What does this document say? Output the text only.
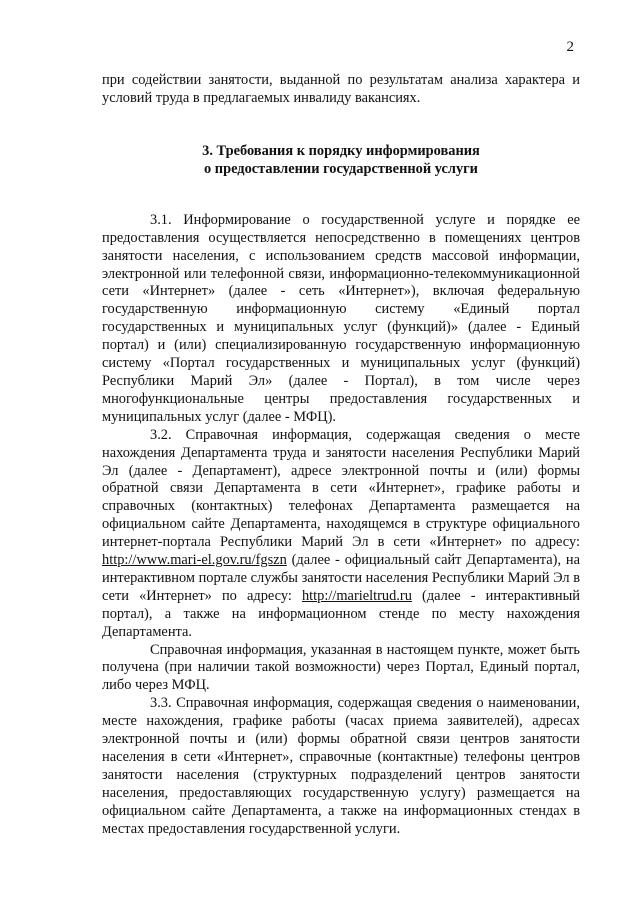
2

при содействии занятости, выданной по результатам анализа характера и условий труда в предлагаемых инвалиду вакансиях.

3. Требования к порядку информирования
о предоставлении государственной услуги

3.1. Информирование о государственной услуге и порядке ее предоставления осуществляется непосредственно в помещениях центров занятости населения, с использованием средств массовой информации, электронной или телефонной связи, информационно-телекоммуникационной сети «Интернет» (далее - сеть «Интернет»), включая федеральную государственную информационную систему «Единый портал государственных и муниципальных услуг (функций)» (далее - Единый портал) и (или) специализированную государственную информационную систему «Портал государственных и муниципальных услуг (функций) Республики Марий Эл» (далее - Портал), в том числе через многофункциональные центры предоставления государственных и муниципальных услуг (далее - МФЦ).

3.2. Справочная информация, содержащая сведения о месте нахождения Департамента труда и занятости населения Республики Марий Эл (далее - Департамент), адресе электронной почты и (или) формы обратной связи Департамента в сети «Интернет», графике работы и справочных (контактных) телефонах Департамента размещается на официальном сайте Департамента, находящемся в структуре официального интернет-портала Республики Марий Эл в сети «Интернет» по адресу: http://www.mari-el.gov.ru/fgszn (далее - официальный сайт Департамента), на интерактивном портале службы занятости населения Республики Марий Эл в сети «Интернет» по адресу: http://marieltrud.ru (далее - интерактивный портал), а также на информационном стенде по месту нахождения Департамента.

Справочная информация, указанная в настоящем пункте, может быть получена (при наличии такой возможности) через Портал, Единый портал, либо через МФЦ.

3.3. Справочная информация, содержащая сведения о наименовании, месте нахождения, графике работы (часах приема заявителей), адресах электронной почты и (или) формы обратной связи центров занятости населения в сети «Интернет», справочные (контактные) телефоны центров занятости населения (структурных подразделений центров занятости населения, предоставляющих государственную услугу) размещается на официальном сайте Департамента, а также на информационных стендах в местах предоставления государственной услуги.
